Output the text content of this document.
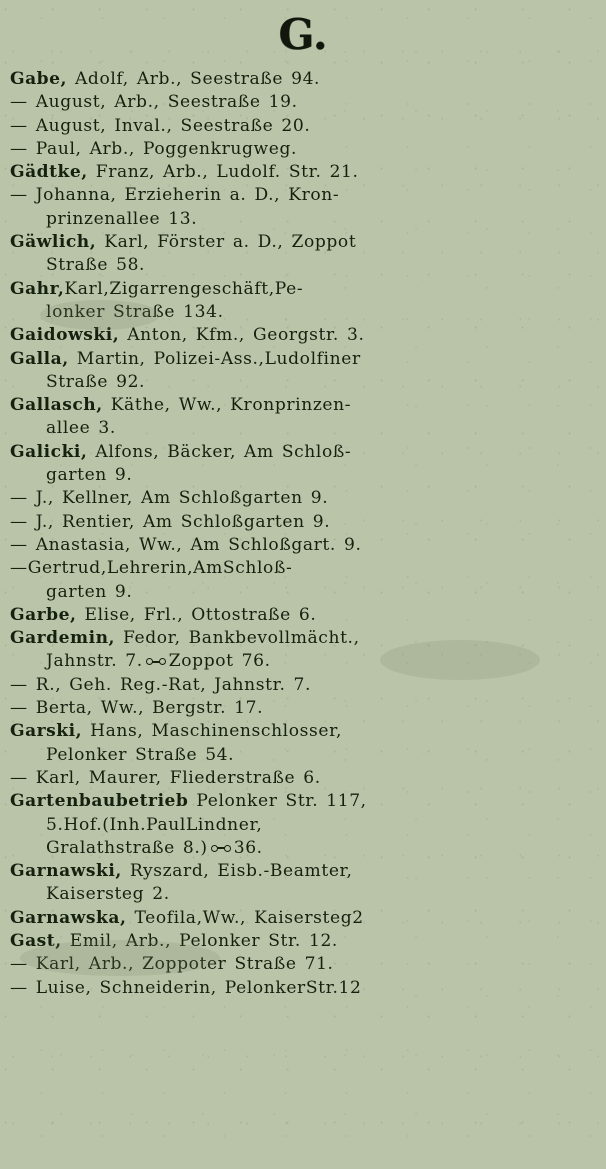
G.
Gabe, Adolf, Arb., Seestraße 94.
— August, Arb., Seestraße 19.
— August, Inval., Seestraße 20.
— Paul, Arb., Poggenkrugweg.
Gädtke, Franz, Arb., Ludolf. Str. 21.
— Johanna, Erzieherin a. D., Kron-
prinzenallee 13.
Gäwlich, Karl, Förster a. D., Zoppot
Straße 58.
Gahr,Karl,Zigarrengeschäft,Pe-
lonker Straße 134.
Gaidowski, Anton, Kfm., Georgstr. 3.
Galla, Martin, Polizei-Ass.,Ludolfiner
Straße 92.
Gallasch, Käthe, Ww., Kronprinzen-
allee 3.
Galicki, Alfons, Bäcker, Am Schloß-
garten 9.
— J., Kellner, Am Schloßgarten 9.
— J., Rentier, Am Schloßgarten 9.
— Anastasia, Ww., Am Schloßgart. 9.
—Gertrud,Lehrerin,AmSchloß-
garten 9.
Garbe, Elise, Frl., Ottostraße 6.
Gardemin, Fedor, Bankbevollmächt.,
Jahnstr. 7. Zoppot 76.
— R., Geh. Reg.-Rat, Jahnstr. 7.
— Berta, Ww., Bergstr. 17.
Garski, Hans, Maschinenschlosser,
Pelonker Straße 54.
— Karl, Maurer, Fliederstraße 6.
Gartenbaubetrieb Pelonker Str. 117,
5.Hof.(Inh.PaulLindner,
Gralathstraße 8.) 36.
Garnawski, Ryszard, Eisb.-Beamter,
Kaisersteg 2.
Garnawska, Teofila,Ww., Kaisersteg2
Gast, Emil, Arb., Pelonker Str. 12.
— Karl, Arb., Zoppoter Straße 71.
— Luise, Schneiderin, PelonkerStr.12
